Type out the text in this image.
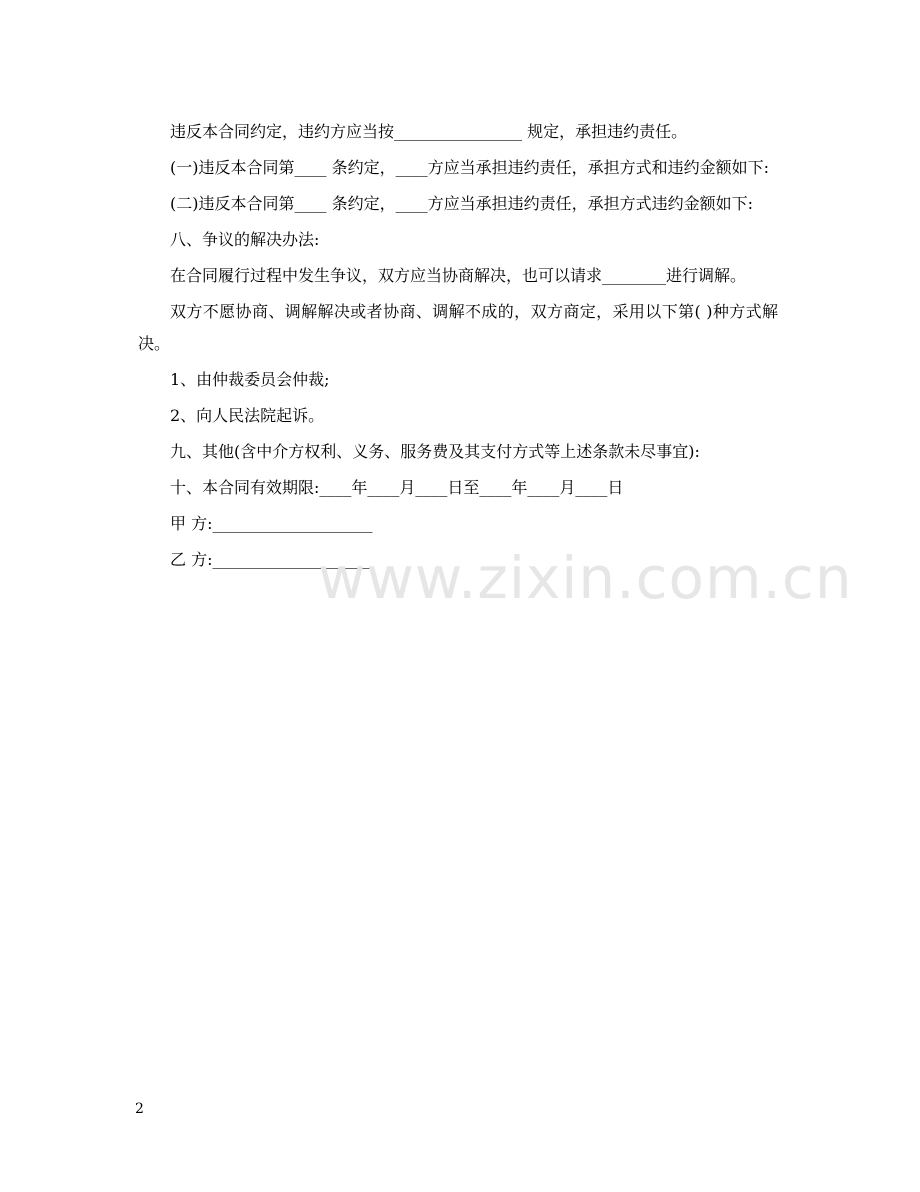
违反本合同约定，违约方应当按________________ 规定，承担违约责任。

(一)违反本合同第____ 条约定，____方应当承担违约责任，承担方式和违约金额如下:

(二)违反本合同第____ 条约定，____方应当承担违约责任，承担方式违约金额如下:

八、争议的解决办法:

在合同履行过程中发生争议，双方应当协商解决，也可以请求________进行调解。

双方不愿协商、调解解决或者协商、调解不成的，双方商定，采用以下第( )种方式解决。

1、由仲裁委员会仲裁;

2、向人民法院起诉。

九、其他(含中介方权利、义务、服务费及其支付方式等上述条款未尽事宜):

十、本合同有效期限:____年____月____日至____年____月____日

甲 方:____________________

乙 方:____________________

www.zixin.com.cn
2
